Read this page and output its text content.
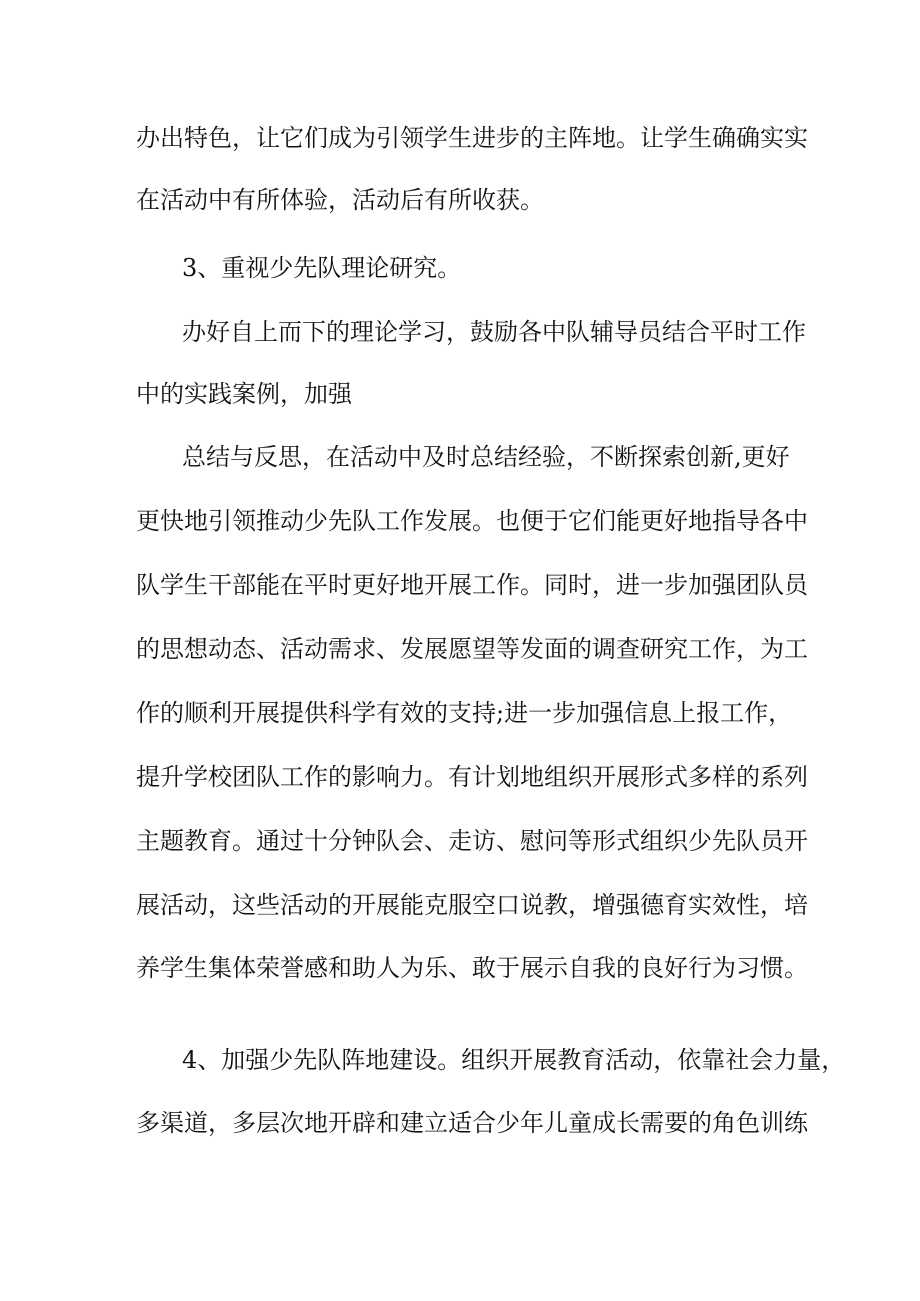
办出特色，让它们成为引领学生进步的主阵地。让学生确确实实
在活动中有所体验，活动后有所收获。
3、重视少先队理论研究。
办好自上而下的理论学习，鼓励各中队辅导员结合平时工作
中的实践案例，加强
总结与反思，在活动中及时总结经验，不断探索创新,更好
更快地引领推动少先队工作发展。也便于它们能更好地指导各中
队学生干部能在平时更好地开展工作。同时，进一步加强团队员
的思想动态、活动需求、发展愿望等发面的调查研究工作，为工
作的顺利开展提供科学有效的支持;进一步加强信息上报工作，
提升学校团队工作的影响力。有计划地组织开展形式多样的系列
主题教育。通过十分钟队会、走访、慰问等形式组织少先队员开
展活动，这些活动的开展能克服空口说教，增强德育实效性，培
养学生集体荣誉感和助人为乐、敢于展示自我的良好行为习惯。
4、加强少先队阵地建设。组织开展教育活动，依靠社会力量，
多渠道，多层次地开辟和建立适合少年儿童成长需要的角色训练
